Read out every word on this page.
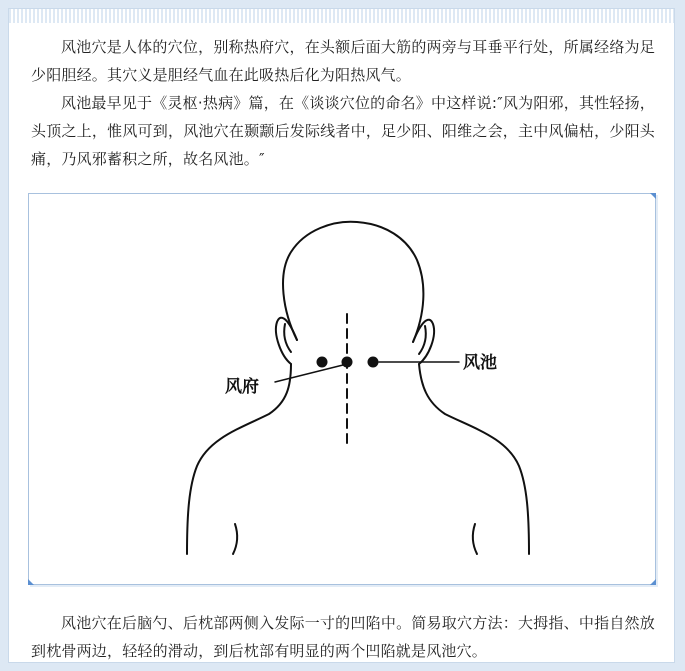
风池穴是人体的穴位，别称热府穴，在头额后面大筋的两旁与耳垂平行处，所属经络为足少阳胆经。其穴义是胆经气血在此吸热后化为阳热风气。

风池最早见于《灵枢·热病》篇，在《谈谈穴位的命名》中这样说:″风为阳邪，其性轻扬，头顶之上，惟风可到，风池穴在颞颥后发际线者中，足少阳、阳维之会，主中风偏枯，少阳头痛，乃风邪蓄积之所，故名风池。″

风池
风府

风池穴在后脑勺、后枕部两侧入发际一寸的凹陷中。简易取穴方法：大拇指、中指自然放到枕骨两边，轻轻的滑动，到后枕部有明显的两个凹陷就是风池穴。
